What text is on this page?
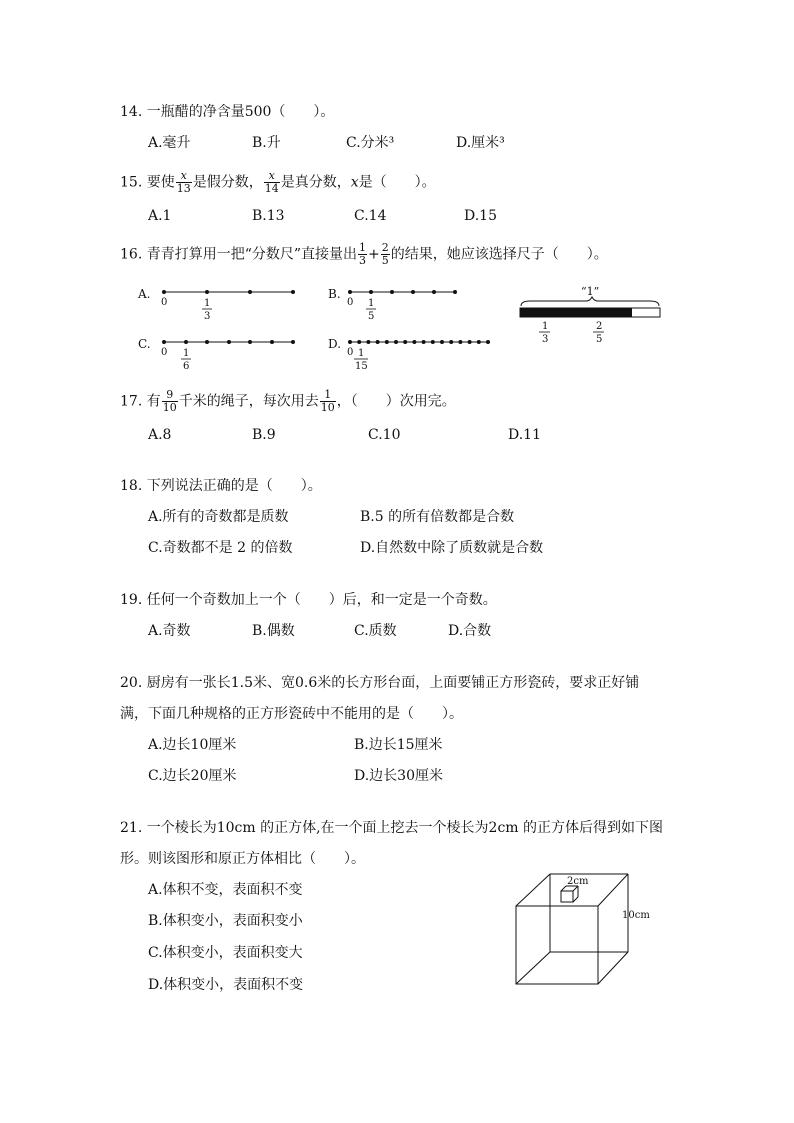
14. 一瓶醋的净含量500（　　）。
A.毫升	B.升	C.分米³	D.厘米³
15. 要使 $\frac{x}{13}$ 是假分数， $\frac{x}{14}$ 是真分数，x是（　　）。
A.1	B.13	C.14	D.15
16. 青青打算用一把“分数尺”直接量出 $\frac{1}{3} + \frac{2}{5}$ 的结果，她应该选择尺子（　　）。
A.
0	1
3
B.
0 1
5
“1”
1
3
2
5
C.
0 1
6
D.
0 1
15
17. 有 $\frac{9}{10}$ 千米的绳子，每次用去 $\frac{1}{10}$ ，（　　）次用完。
A.8	B.9	C.10	D.11
18. 下列说法正确的是（　　）。
A.所有的奇数都是质数	B.5 的所有倍数都是合数
C.奇数都不是 2 的倍数	D.自然数中除了质数就是合数
19. 任何一个奇数加上一个（　　）后，和一定是一个奇数。
A.奇数	B.偶数	C.质数	D.合数
20. 厨房有一张长1.5米、宽0.6米的长方形台面，上面要铺正方形瓷砖，要求正好铺
满，下面几种规格的正方形瓷砖中不能用的是（　　）。
A.边长10厘米	B.边长15厘米
C.边长20厘米	D.边长30厘米
21. 一个棱长为10cm 的正方体,在一个面上挖去一个棱长为2cm 的正方体后得到如下图
形。则该图形和原正方体相比（　　）。
A.体积不变，表面积不变
B.体积变小，表面积变小
C.体积变小，表面积变大
D.体积变小，表面积不变
2cm
10cm
